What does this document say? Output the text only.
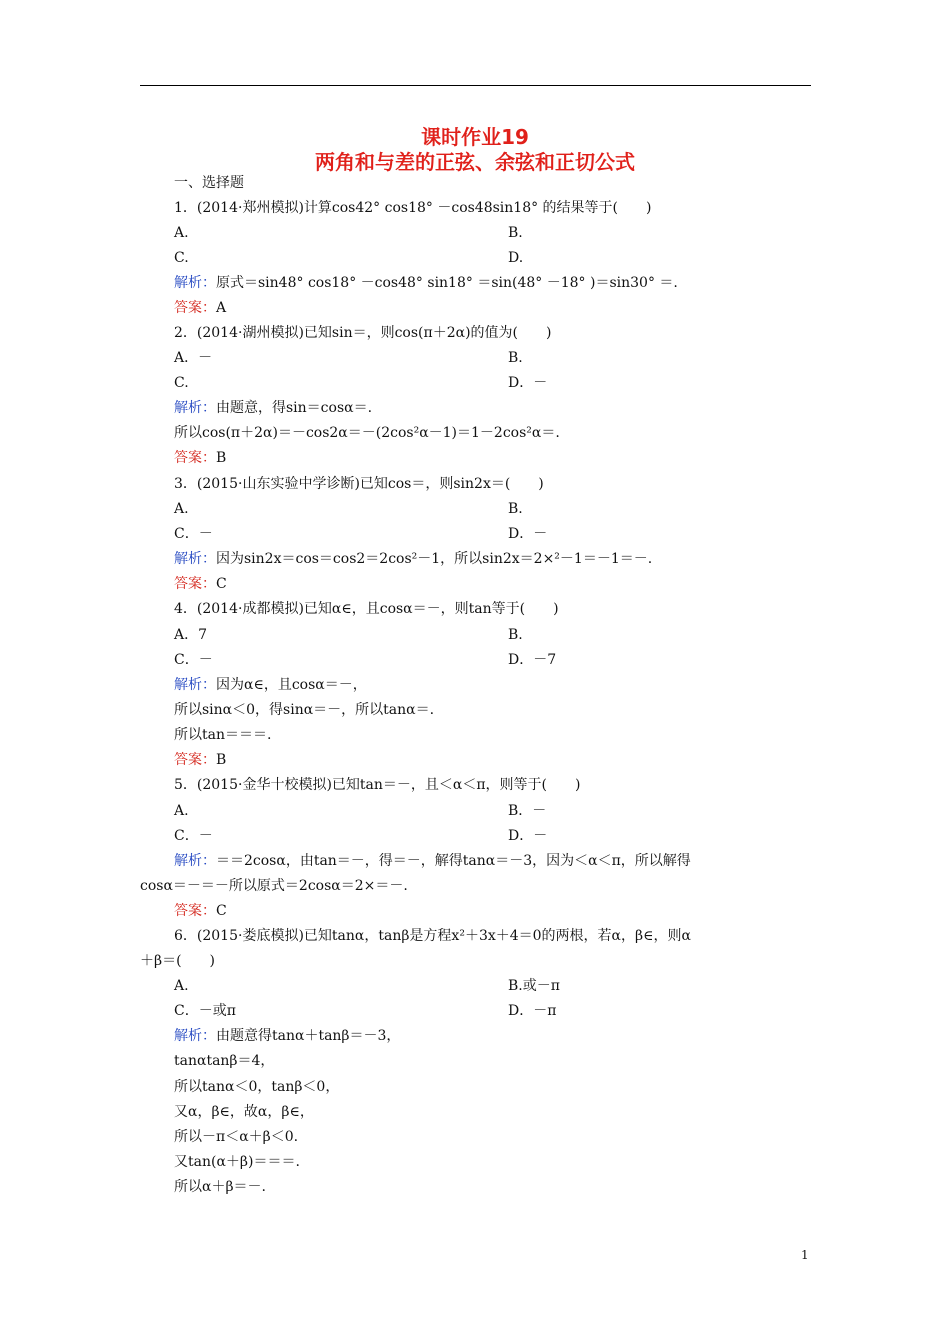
课时作业19
两角和与差的正弦、余弦和正切公式
一、选择题
1．(2014·郑州模拟)计算cos42° cos18° －cos48sin18° 的结果等于(　　)
A.	B.
C.	D.
解析：原式＝sin48° cos18° －cos48° sin18° ＝sin(48° －18° )＝sin30° ＝.
答案：A
2．(2014·湖州模拟)已知sin＝，则cos(π＋2α)的值为(　　)
A．－	B.
C.	D．－
解析：由题意，得sin＝cosα＝.
所以cos(π＋2α)＝－cos2α＝－(2cos²α－1)＝1－2cos²α＝.
答案：B
3．(2015·山东实验中学诊断)已知cos＝，则sin2x＝(　　)
A.	B.
C．－	D．－
解析：因为sin2x＝cos＝cos2＝2cos²－1，所以sin2x＝2×²－1＝－1＝－.
答案：C
4．(2014·成都模拟)已知α∈，且cosα＝－，则tan等于(　　)
A．7	B.
C．－	D．－7
解析：因为α∈，且cosα＝－，
所以sinα＜0，得sinα＝－，所以tanα＝.
所以tan＝＝＝.
答案：B
5．(2015·金华十校模拟)已知tan＝－，且＜α＜π，则等于(　　)
A.	B．－
C．－	D．－
解析：＝＝2cosα，由tan＝－，得＝－，解得tanα＝－3，因为＜α＜π，所以解得
cosα＝－＝－所以原式＝2cosα＝2×＝－.
答案：C
6．(2015·娄底模拟)已知tanα，tanβ是方程x²＋3x＋4＝0的两根，若α，β∈，则α
＋β＝(　　)
A.	B.或－π
C．－或π	D．－π
解析：由题意得tanα＋tanβ＝－3，
tanαtanβ＝4，
所以tanα＜0，tanβ＜0，
又α，β∈，故α，β∈，
所以－π＜α＋β＜0.
又tan(α＋β)＝＝＝.
所以α＋β＝－.
1
